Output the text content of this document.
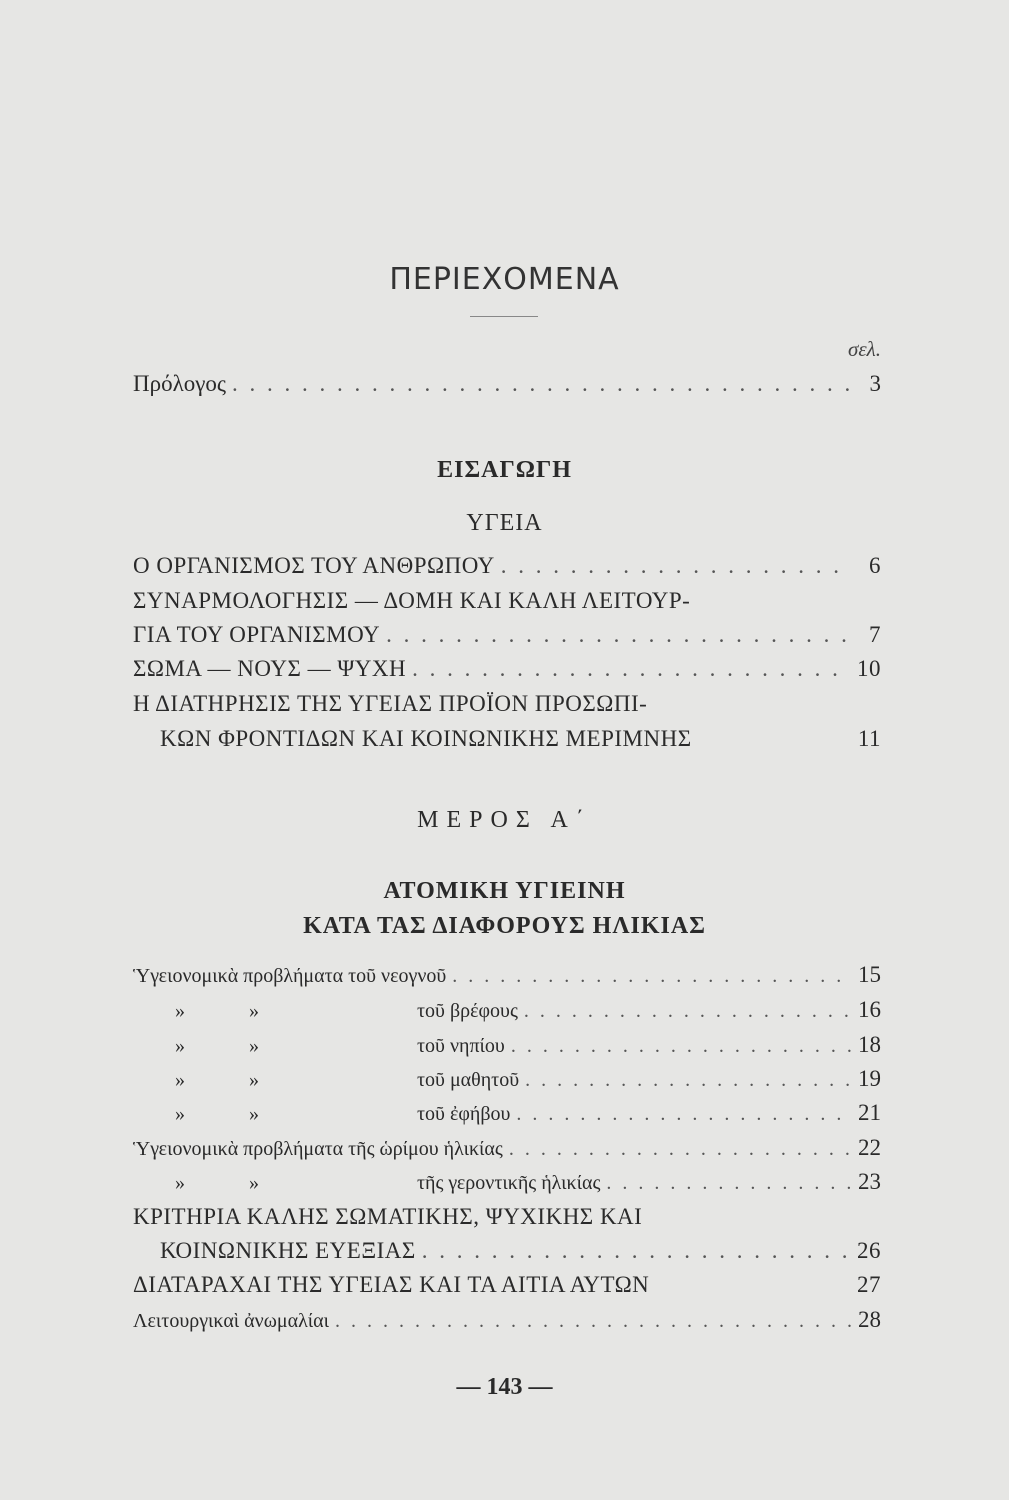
ΠΕΡΙΕΧΟΜΕΝΑ
σελ.
Πρόλογος . . .	3
ΕΙΣΑΓΩΓΗ
ΥΓΕΙΑ
Ο ΟΡΓΑΝΙΣΜΟΣ ΤΟΥ ΑΝΘΡΩΠΟΥ . . .	6
ΣΥΝΑΡΜΟΛΟΓΗΣΙΣ — ΔΟΜΗ ΚΑΙ ΚΑΛΗ ΛΕΙΤΟΥΡ-
ΓΙΑ ΤΟΥ ΟΡΓΑΝΙΣΜΟΥ . . .	7
ΣΩΜΑ — ΝΟΥΣ — ΨΥΧΗ . . .	10
Η ΔΙΑΤΗΡΗΣΙΣ ΤΗΣ ΥΓΕΙΑΣ ΠΡΟΪΟΝ ΠΡΟΣΩΠΙ-
ΚΩΝ ΦΡΟΝΤΙΔΩΝ ΚΑΙ ΚΟΙΝΩΝΙΚΗΣ ΜΕΡΙΜΝΗΣ	11
ΜΕΡΟΣ Α΄
ΑΤΟΜΙΚΗ ΥΓΙΕΙΝΗ
ΚΑΤΑ ΤΑΣ ΔΙΑΦΟΡΟΥΣ ΗΛΙΚΙΑΣ
Ὑγειονομικὰ προβλήματα τοῦ νεογνοῦ . . .	15
»	»	τοῦ βρέφους . . .	16
»	»	τοῦ νηπίου . . .	18
»	»	τοῦ μαθητοῦ . . .	19
»	»	τοῦ ἐφήβου . . .	21
Ὑγειονομικὰ προβλήματα τῆς ὡρίμου ἡλικίας . . .	22
»	»	τῆς γεροντικῆς ἡλικίας . . .	23
ΚΡΙΤΗΡΙΑ ΚΑΛΗΣ ΣΩΜΑΤΙΚΗΣ, ΨΥΧΙΚΗΣ ΚΑΙ
ΚΟΙΝΩΝΙΚΗΣ ΕΥΕΞΙΑΣ . . .	26
ΔΙΑΤΑΡΑΧΑΙ ΤΗΣ ΥΓΕΙΑΣ ΚΑΙ ΤΑ ΑΙΤΙΑ ΑΥΤΩΝ	27
Λειτουργικαὶ ἀνωμαλίαι . . .	28
— 143 —
